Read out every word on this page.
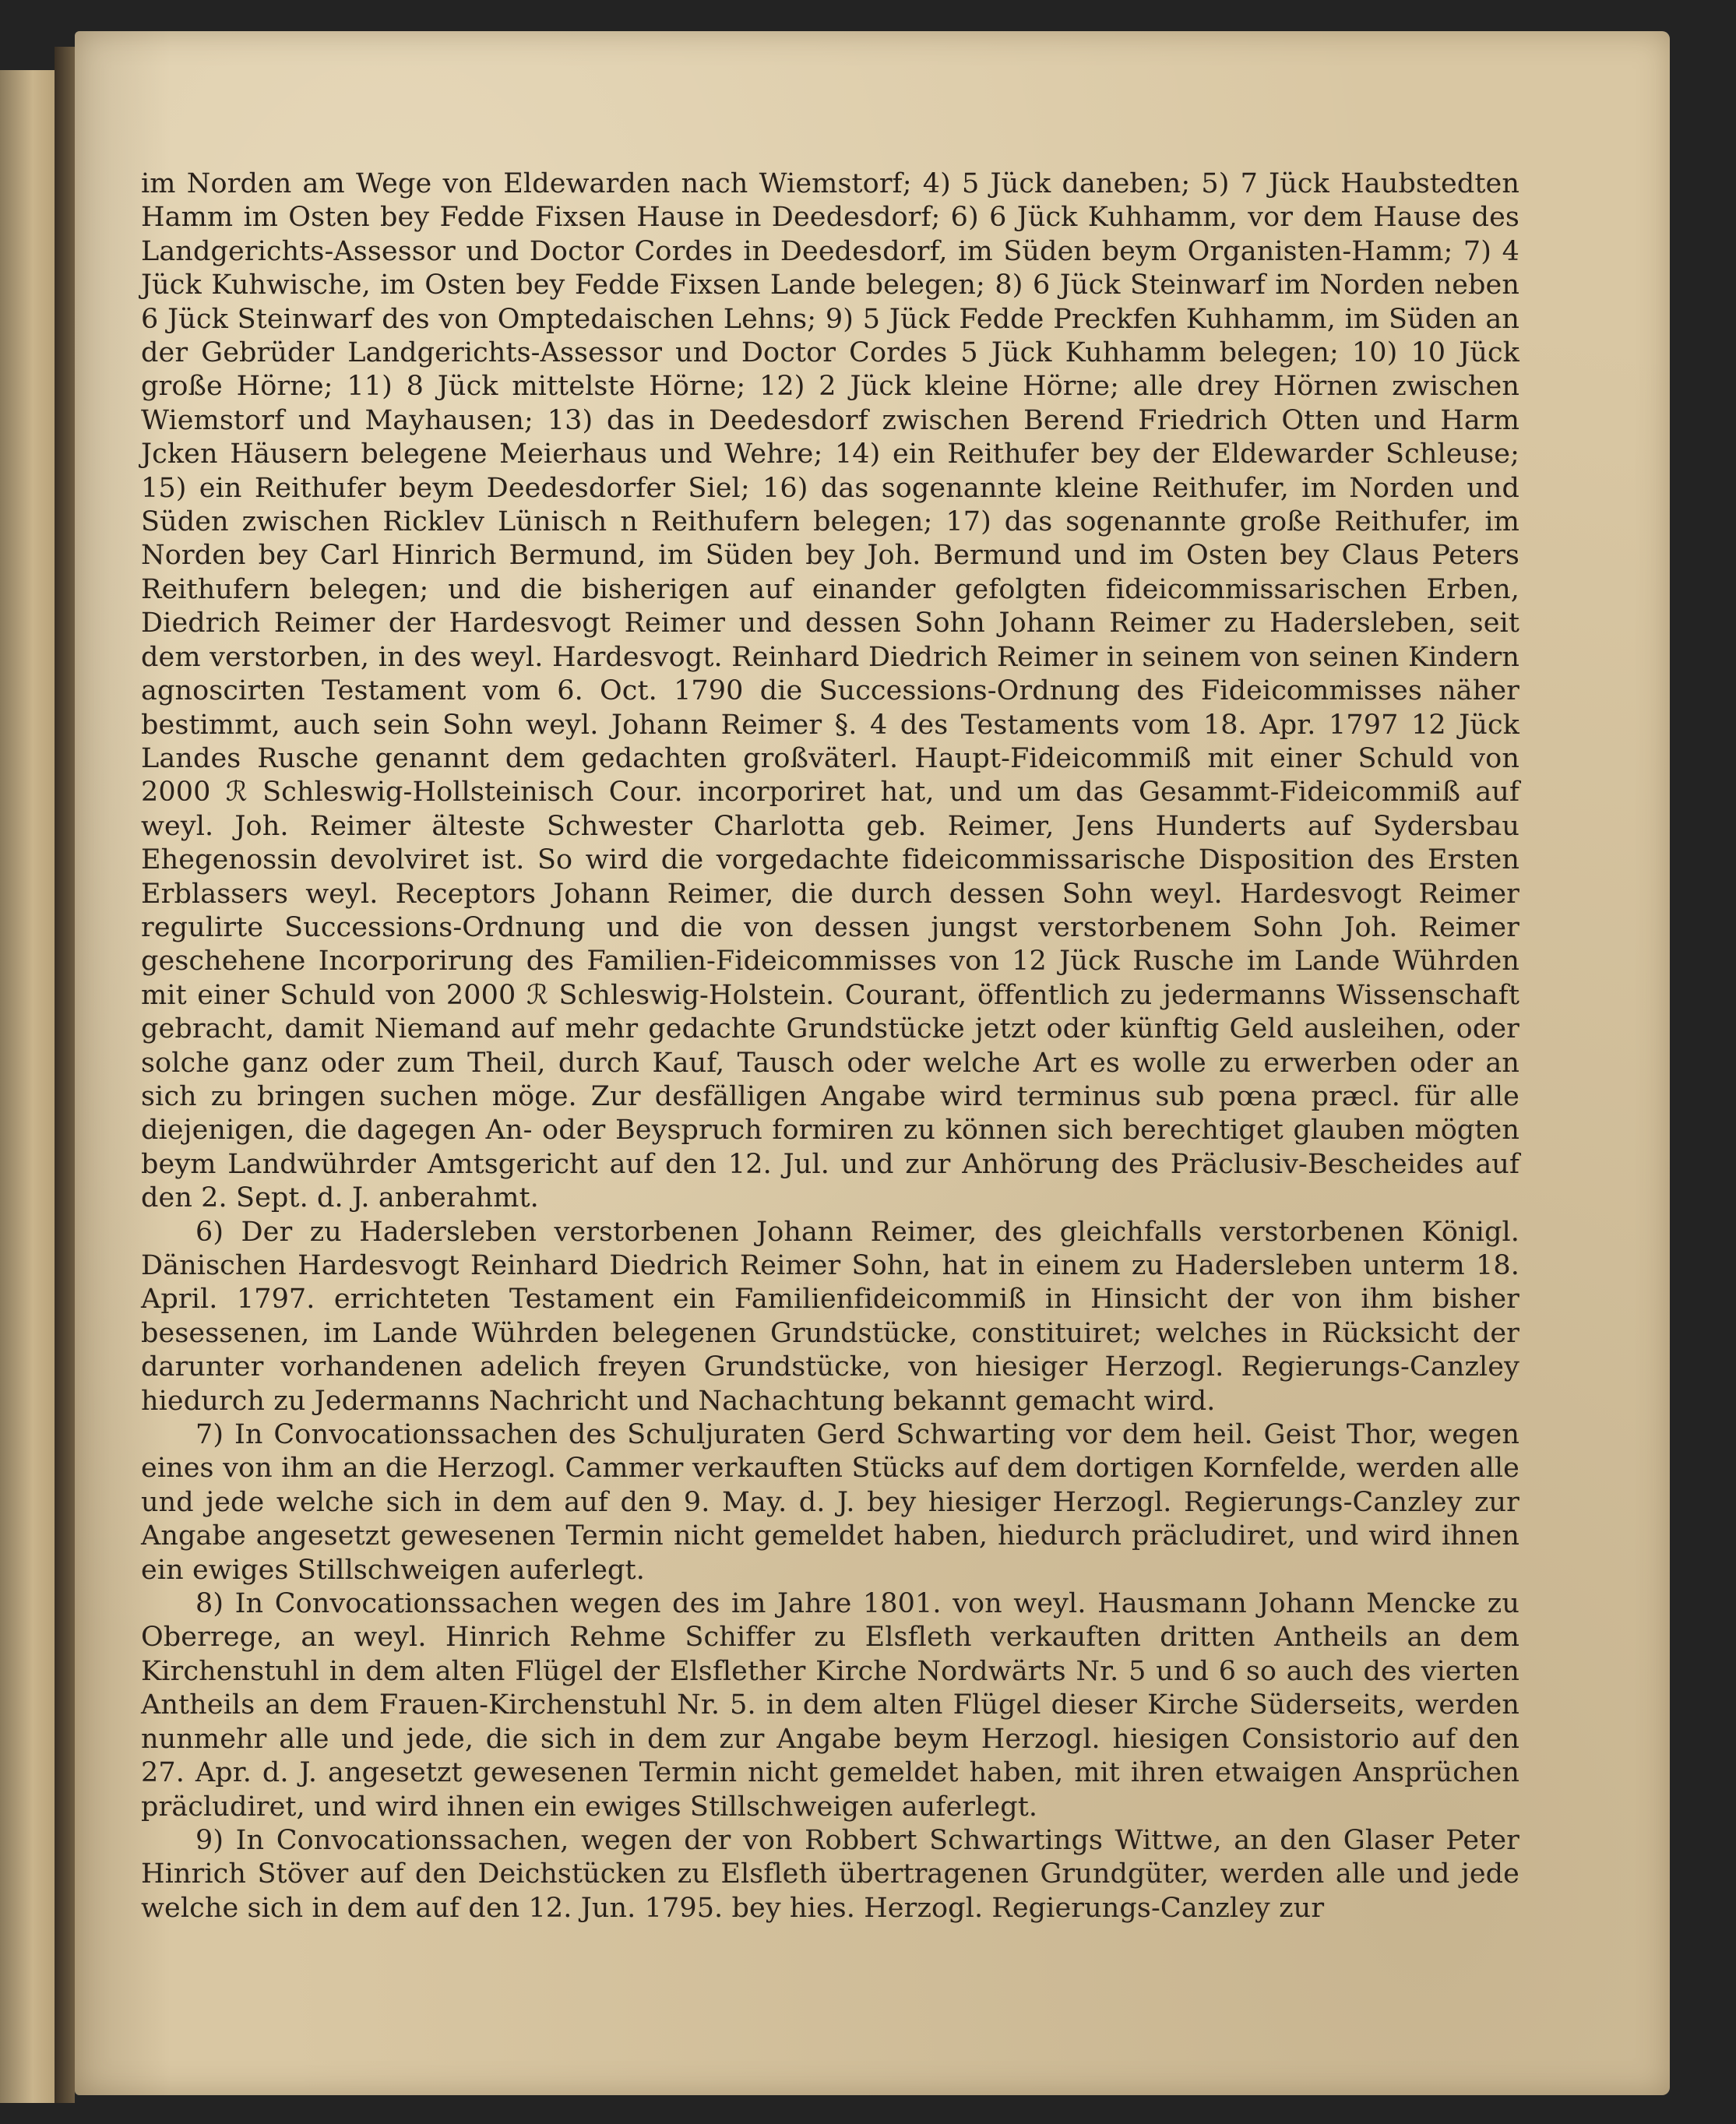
im Norden am Wege von Eldewarden nach Wiemstorf; 4) 5 Jück daneben; 5) 7 Jück Haubstedten Hamm im Osten bey Fedde Fixsen Hause in Deedesdorf; 6) 6 Jück Kuhhamm, vor dem Hause des Landgerichts-Assessor und Doctor Cordes in Deedesdorf, im Süden beym Organisten-Hamm; 7) 4 Jück Kuhwische, im Osten bey Fedde Fixsen Lande belegen; 8) 6 Jück Steinwarf im Norden neben 6 Jück Steinwarf des von Omptedaischen Lehns; 9) 5 Jück Fedde Preckfen Kuhhamm, im Süden an der Gebrüder Landgerichts-Assessor und Doctor Cordes 5 Jück Kuhhamm belegen; 10) 10 Jück große Hörne; 11) 8 Jück mittelste Hörne; 12) 2 Jück kleine Hörne; alle drey Hörnen zwischen Wiemstorf und Mayhausen; 13) das in Deedesdorf zwischen Berend Friedrich Otten und Harm Jcken Häusern belegene Meierhaus und Wehre; 14) ein Reithufer bey der Eldewarder Schleuse; 15) ein Reithufer beym Deedesdorfer Siel; 16) das sogenannte kleine Reithufer, im Norden und Süden zwischen Ricklev Lünisch n Reithufern belegen; 17) das sogenannte große Reithufer, im Norden bey Carl Hinrich Bermund, im Süden bey Joh. Bermund und im Osten bey Claus Peters Reithufern belegen; und die bisherigen auf einander gefolgten fideicommissarischen Erben, Diedrich Reimer der Hardesvogt Reimer und dessen Sohn Johann Reimer zu Hadersleben, seit dem verstorben, in des weyl. Hardesvogt. Reinhard Diedrich Reimer in seinem von seinen Kindern agnoscirten Testament vom 6. Oct. 1790 die Successions-Ordnung des Fideicommisses näher bestimmt, auch sein Sohn weyl. Johann Reimer §. 4 des Testaments vom 18. Apr. 1797 12 Jück Landes Rusche genannt dem gedachten großväterl. Haupt-Fideicommiß mit einer Schuld von 2000 ℛ Schleswig-Hollsteinisch Cour. incorporiret hat, und um das Gesammt-Fideicommiß auf weyl. Joh. Reimer älteste Schwester Charlotta geb. Reimer, Jens Hunderts auf Sydersbau Ehegenossin devolviret ist. So wird die vorgedachte fideicommissarische Disposition des Ersten Erblassers weyl. Receptors Johann Reimer, die durch dessen Sohn weyl. Hardesvogt Reimer regulirte Successions-Ordnung und die von dessen jungst verstorbenem Sohn Joh. Reimer geschehene Incorporirung des Familien-Fideicommisses von 12 Jück Rusche im Lande Wührden mit einer Schuld von 2000 ℛ Schleswig-Holstein. Courant, öffentlich zu jedermanns Wissenschaft gebracht, damit Niemand auf mehr gedachte Grundstücke jetzt oder künftig Geld ausleihen, oder solche ganz oder zum Theil, durch Kauf, Tausch oder welche Art es wolle zu erwerben oder an sich zu bringen suchen möge. Zur desfälligen Angabe wird terminus sub pœna præcl. für alle diejenigen, die dagegen An- oder Beyspruch formiren zu können sich berechtiget glauben mögten beym Landwührder Amtsgericht auf den 12. Jul. und zur Anhörung des Präclusiv-Bescheides auf den 2. Sept. d. J. anberahmt.

6) Der zu Hadersleben verstorbenen Johann Reimer, des gleichfalls verstorbenen Königl. Dänischen Hardesvogt Reinhard Diedrich Reimer Sohn, hat in einem zu Hadersleben unterm 18. April. 1797. errichteten Testament ein Familienfideicommiß in Hinsicht der von ihm bisher besessenen, im Lande Wührden belegenen Grundstücke, constituiret; welches in Rücksicht der darunter vorhandenen adelich freyen Grundstücke, von hiesiger Herzogl. Regierungs-Canzley hiedurch zu Jedermanns Nachricht und Nachachtung bekannt gemacht wird.

7) In Convocationssachen des Schuljuraten Gerd Schwarting vor dem heil. Geist Thor, wegen eines von ihm an die Herzogl. Cammer verkauften Stücks auf dem dortigen Kornfelde, werden alle und jede welche sich in dem auf den 9. May. d. J. bey hiesiger Herzogl. Regierungs-Canzley zur Angabe angesetzt gewesenen Termin nicht gemeldet haben, hiedurch präcludiret, und wird ihnen ein ewiges Stillschweigen auferlegt.

8) In Convocationssachen wegen des im Jahre 1801. von weyl. Hausmann Johann Mencke zu Oberrege, an weyl. Hinrich Rehme Schiffer zu Elsfleth verkauften dritten Antheils an dem Kirchenstuhl in dem alten Flügel der Elsflether Kirche Nordwärts Nr. 5 und 6 so auch des vierten Antheils an dem Frauen-Kirchenstuhl Nr. 5. in dem alten Flügel dieser Kirche Süderseits, werden nunmehr alle und jede, die sich in dem zur Angabe beym Herzogl. hiesigen Consistorio auf den 27. Apr. d. J. angesetzt gewesenen Termin nicht gemeldet haben, mit ihren etwaigen Ansprüchen präcludiret, und wird ihnen ein ewiges Stillschweigen auferlegt.

9) In Convocationssachen, wegen der von Robbert Schwartings Wittwe, an den Glaser Peter Hinrich Stöver auf den Deichstücken zu Elsfleth übertragenen Grundgüter, werden alle und jede welche sich in dem auf den 12. Jun. 1795. bey hies. Herzogl. Regierungs-Canzley zur
